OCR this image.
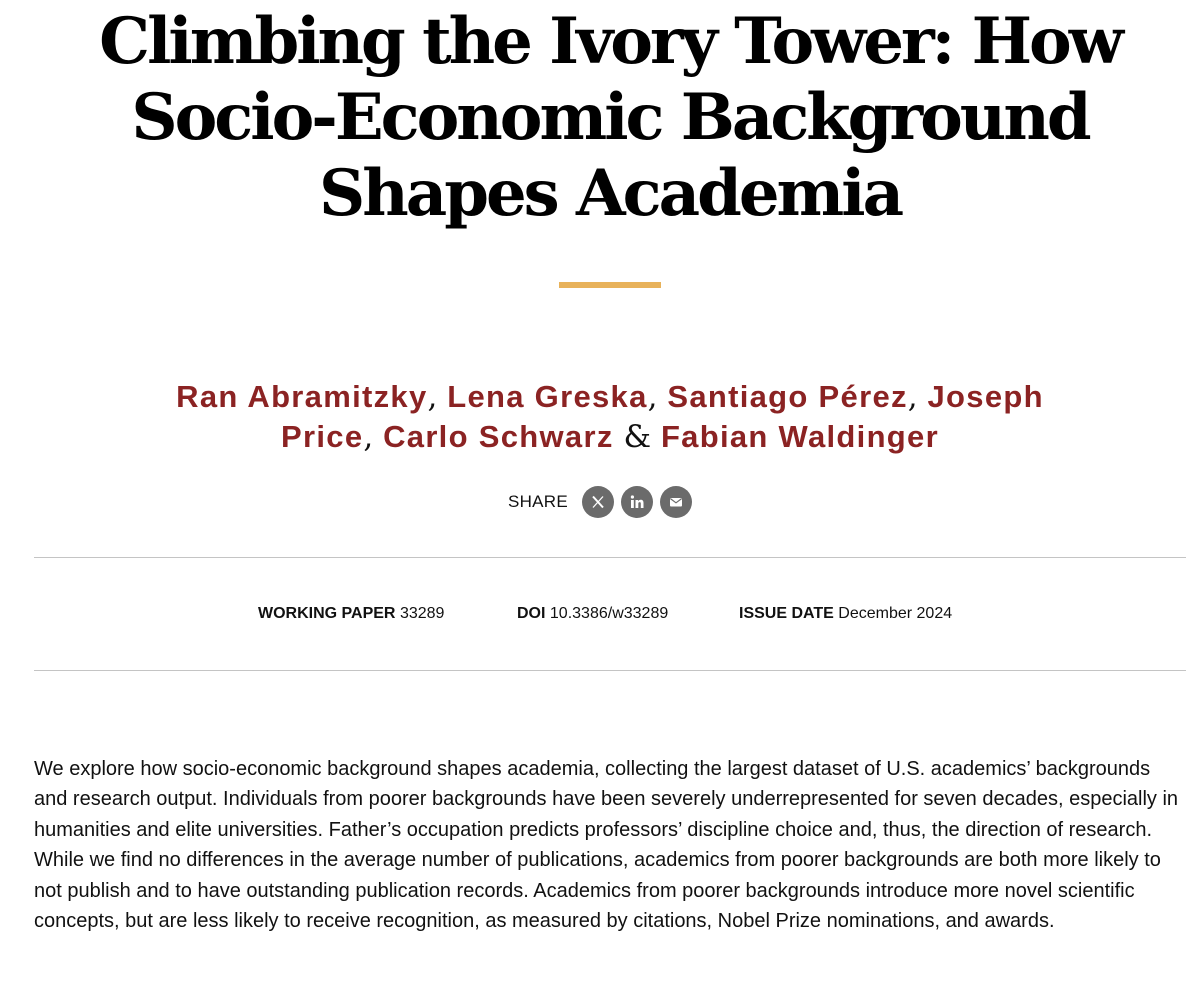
Climbing the Ivory Tower: How Socio-Economic Background Shapes Academia
Ran Abramitzky, Lena Greska, Santiago Pérez, Joseph Price, Carlo Schwarz & Fabian Waldinger
SHARE
WORKING PAPER 33289	DOI 10.3386/w33289	ISSUE DATE December 2024

We explore how socio-economic background shapes academia, collecting the largest dataset of U.S. academics’ backgrounds and research output. Individuals from poorer backgrounds have been severely underrepresented for seven decades, especially in humanities and elite universities. Father’s occupation predicts professors’ discipline choice and, thus, the direction of research. While we find no differences in the average number of publications, academics from poorer backgrounds are both more likely to not publish and to have outstanding publication records. Academics from poorer backgrounds introduce more novel scientific concepts, but are less likely to receive recognition, as measured by citations, Nobel Prize nominations, and awards.
